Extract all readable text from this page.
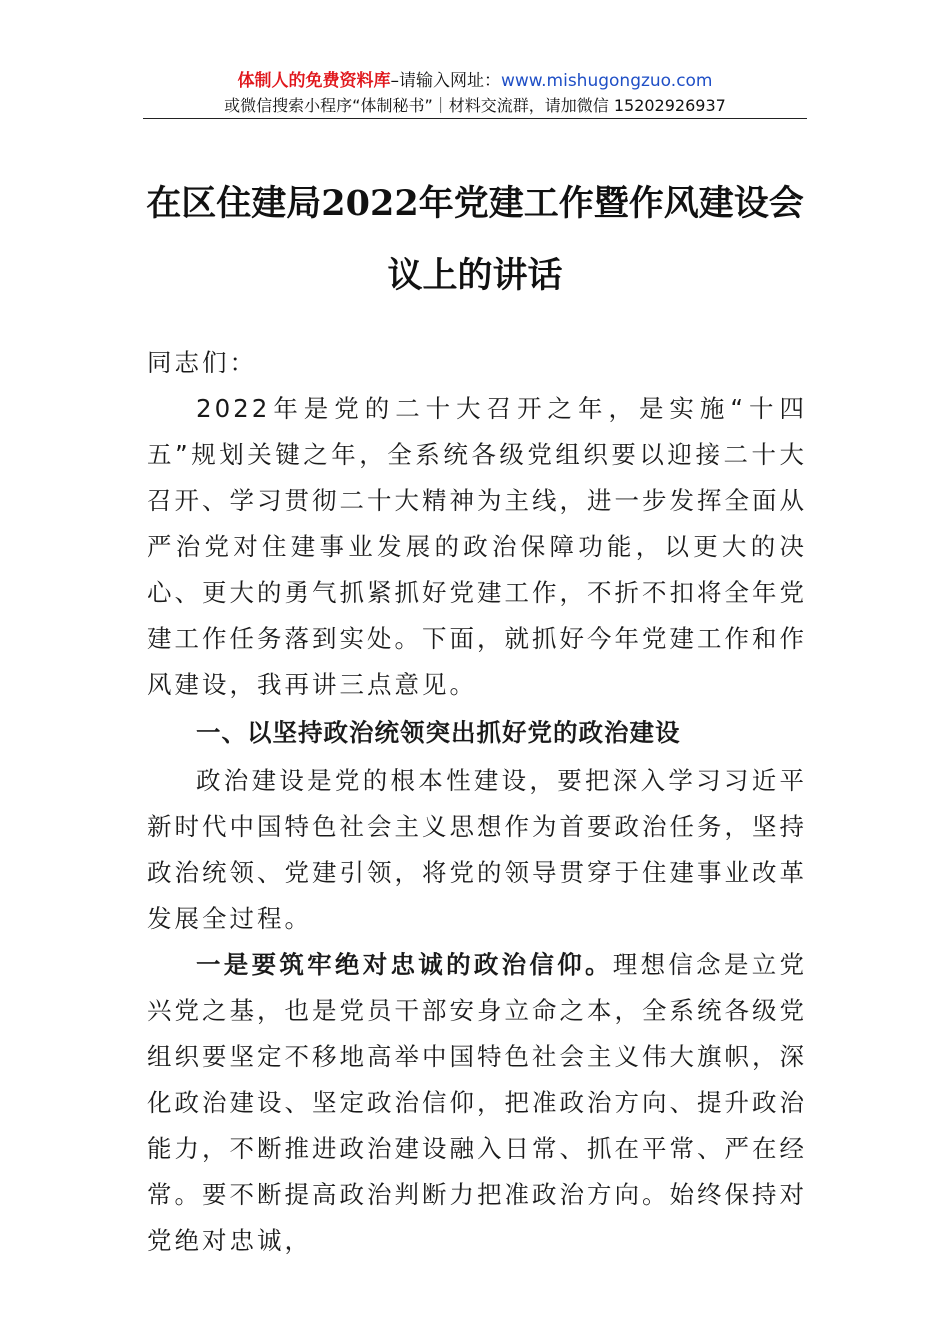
体制人的免费资料库–请输入网址：www.mishugongzuo.com
或微信搜索小程序“体制秘书”｜材料交流群，请加微信 15202926937
在区住建局2022年党建工作暨作风建设会
议上的讲话

同志们：

2022年是党的二十大召开之年，是实施“十四五”规划关键之年，全系统各级党组织要以迎接二十大召开、学习贯彻二十大精神为主线，进一步发挥全面从严治党对住建事业发展的政治保障功能，以更大的决心、更大的勇气抓紧抓好党建工作，不折不扣将全年党建工作任务落到实处。下面，就抓好今年党建工作和作风建设，我再讲三点意见。

一、以坚持政治统领突出抓好党的政治建设

政治建设是党的根本性建设，要把深入学习习近平新时代中国特色社会主义思想作为首要政治任务，坚持政治统领、党建引领，将党的领导贯穿于住建事业改革发展全过程。

一是要筑牢绝对忠诚的政治信仰。理想信念是立党兴党之基，也是党员干部安身立命之本，全系统各级党组织要坚定不移地高举中国特色社会主义伟大旗帜，深化政治建设、坚定政治信仰，把准政治方向、提升政治能力，不断推进政治建设融入日常、抓在平常、严在经常。要不断提高政治判断力把准政治方向。始终保持对党绝对忠诚，
